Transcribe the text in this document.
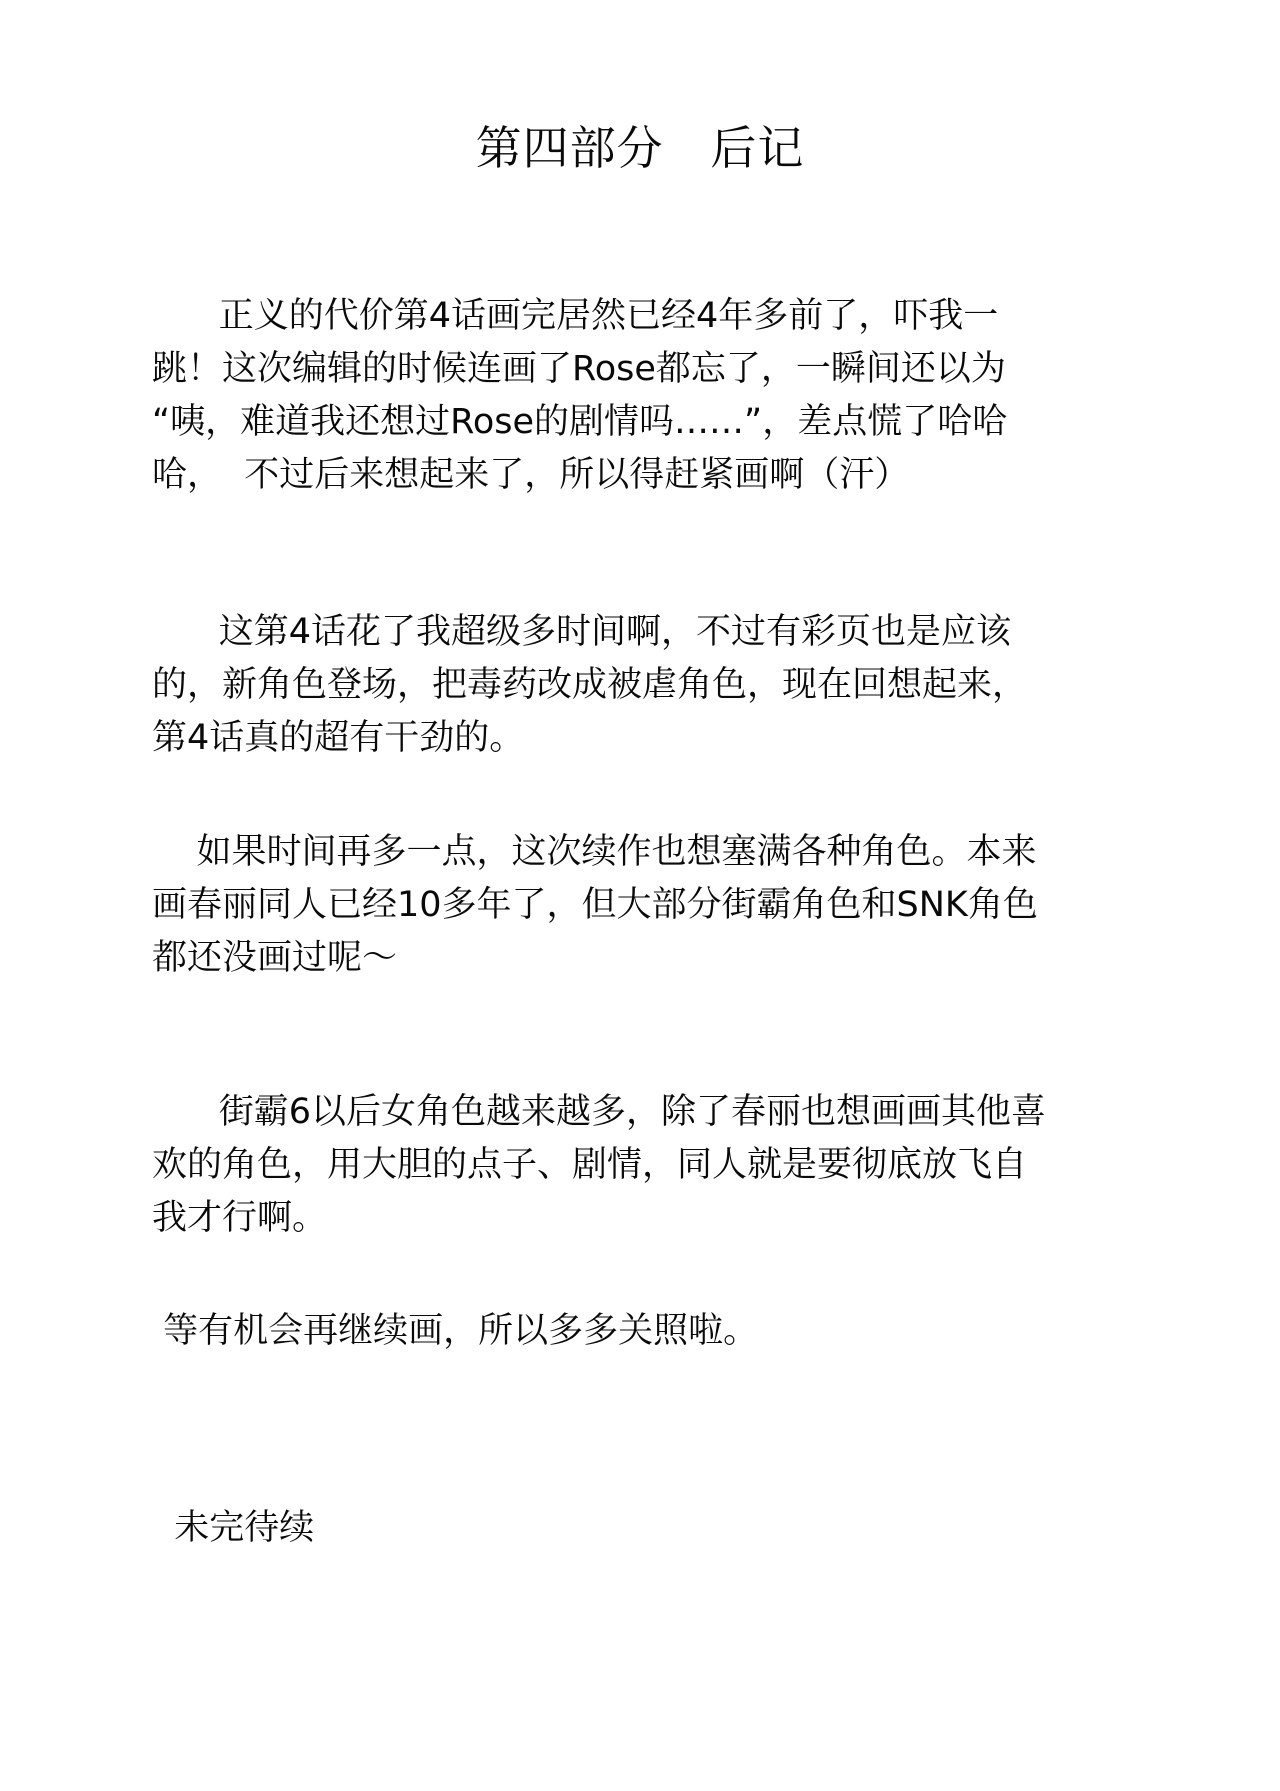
第四部分   后记
正义的代价第4话画完居然已经4年多前了，吓我一
跳！这次编辑的时候连画了Rose都忘了，一瞬间还以为
“咦，难道我还想过Rose的剧情吗……”，差点慌了哈哈
哈，  不过后来想起来了，所以得赶紧画啊（汗）
这第4话花了我超级多时间啊，不过有彩页也是应该
的，新角色登场，把毒药改成被虐角色，现在回想起来，
第4话真的超有干劲的。
如果时间再多一点，这次续作也想塞满各种角色。本来
画春丽同人已经10多年了，但大部分街霸角色和SNK角色
都还没画过呢～
街霸6以后女角色越来越多，除了春丽也想画画其他喜
欢的角色，用大胆的点子、剧情，同人就是要彻底放飞自
我才行啊。
等有机会再继续画，所以多多关照啦。
未完待续
